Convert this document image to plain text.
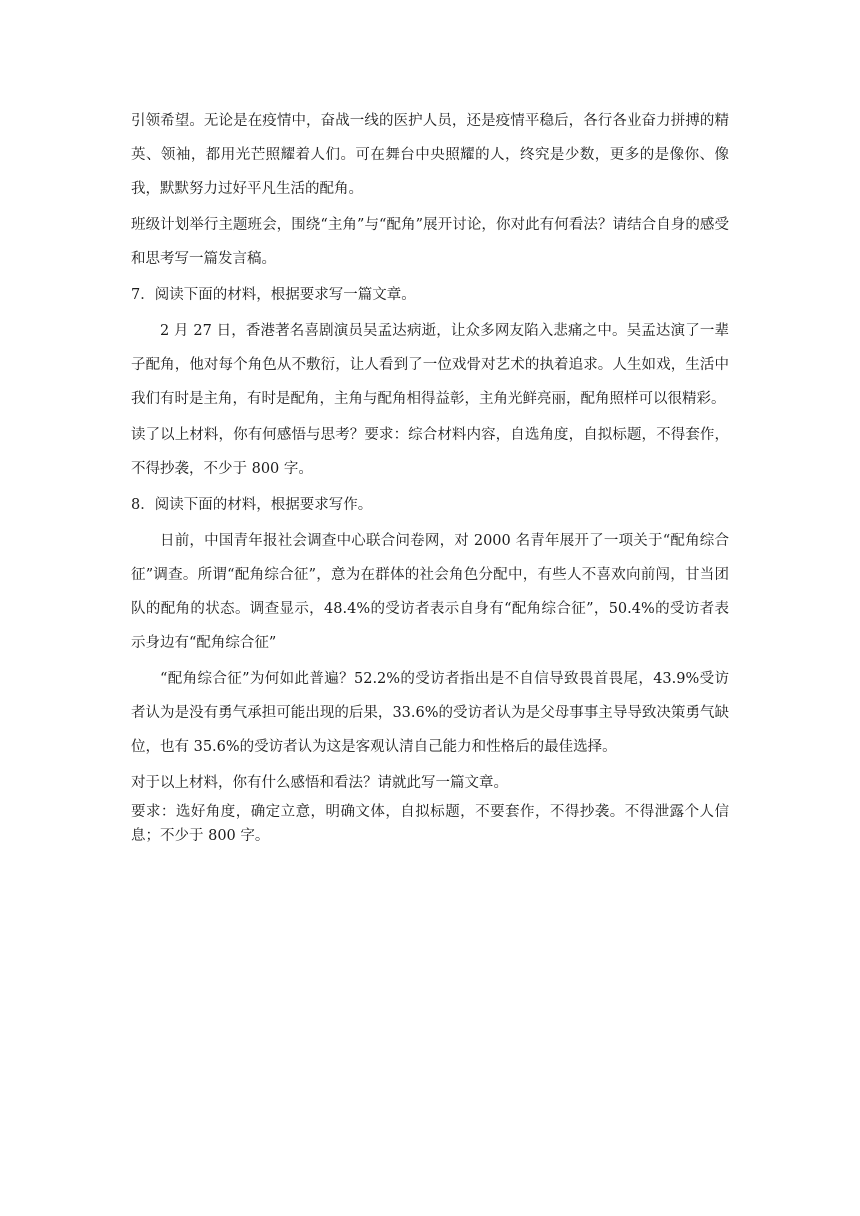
引领希望。无论是在疫情中，奋战一线的医护人员，还是疫情平稳后，各行各业奋力拼搏的精英、领袖，都用光芒照耀着人们。可在舞台中央照耀的人，终究是少数，更多的是像你、像我，默默努力过好平凡生活的配角。

班级计划举行主题班会，围绕“主角”与“配角”展开讨论，你对此有何看法？请结合自身的感受和思考写一篇发言稿。

7．阅读下面的材料，根据要求写一篇文章。

2 月 27 日，香港著名喜剧演员吴孟达病逝，让众多网友陷入悲痛之中。吴孟达演了一辈子配角，他对每个角色从不敷衍，让人看到了一位戏骨对艺术的执着追求。人生如戏，生活中我们有时是主角，有时是配角，主角与配角相得益彰，主角光鲜亮丽，配角照样可以很精彩。

读了以上材料，你有何感悟与思考？要求：综合材料内容，自选角度，自拟标题，不得套作，不得抄袭，不少于 800 字。

8．阅读下面的材料，根据要求写作。

日前，中国青年报社会调查中心联合问卷网，对 2000 名青年展开了一项关于“配角综合征”调查。所谓“配角综合征”，意为在群体的社会角色分配中，有些人不喜欢向前闯，甘当团队的配角的状态。调查显示，48.4%的受访者表示自身有“配角综合征”，50.4%的受访者表示身边有“配角综合征”

“配角综合征”为何如此普遍？52.2%的受访者指出是不自信导致畏首畏尾，43.9%受访者认为是没有勇气承担可能出现的后果，33.6%的受访者认为是父母事事主导导致决策勇气缺位，也有 35.6%的受访者认为这是客观认清自己能力和性格后的最佳选择。

对于以上材料，你有什么感悟和看法？请就此写一篇文章。

要求：选好角度，确定立意，明确文体，自拟标题，不要套作，不得抄袭。不得泄露个人信息；不少于 800 字。
